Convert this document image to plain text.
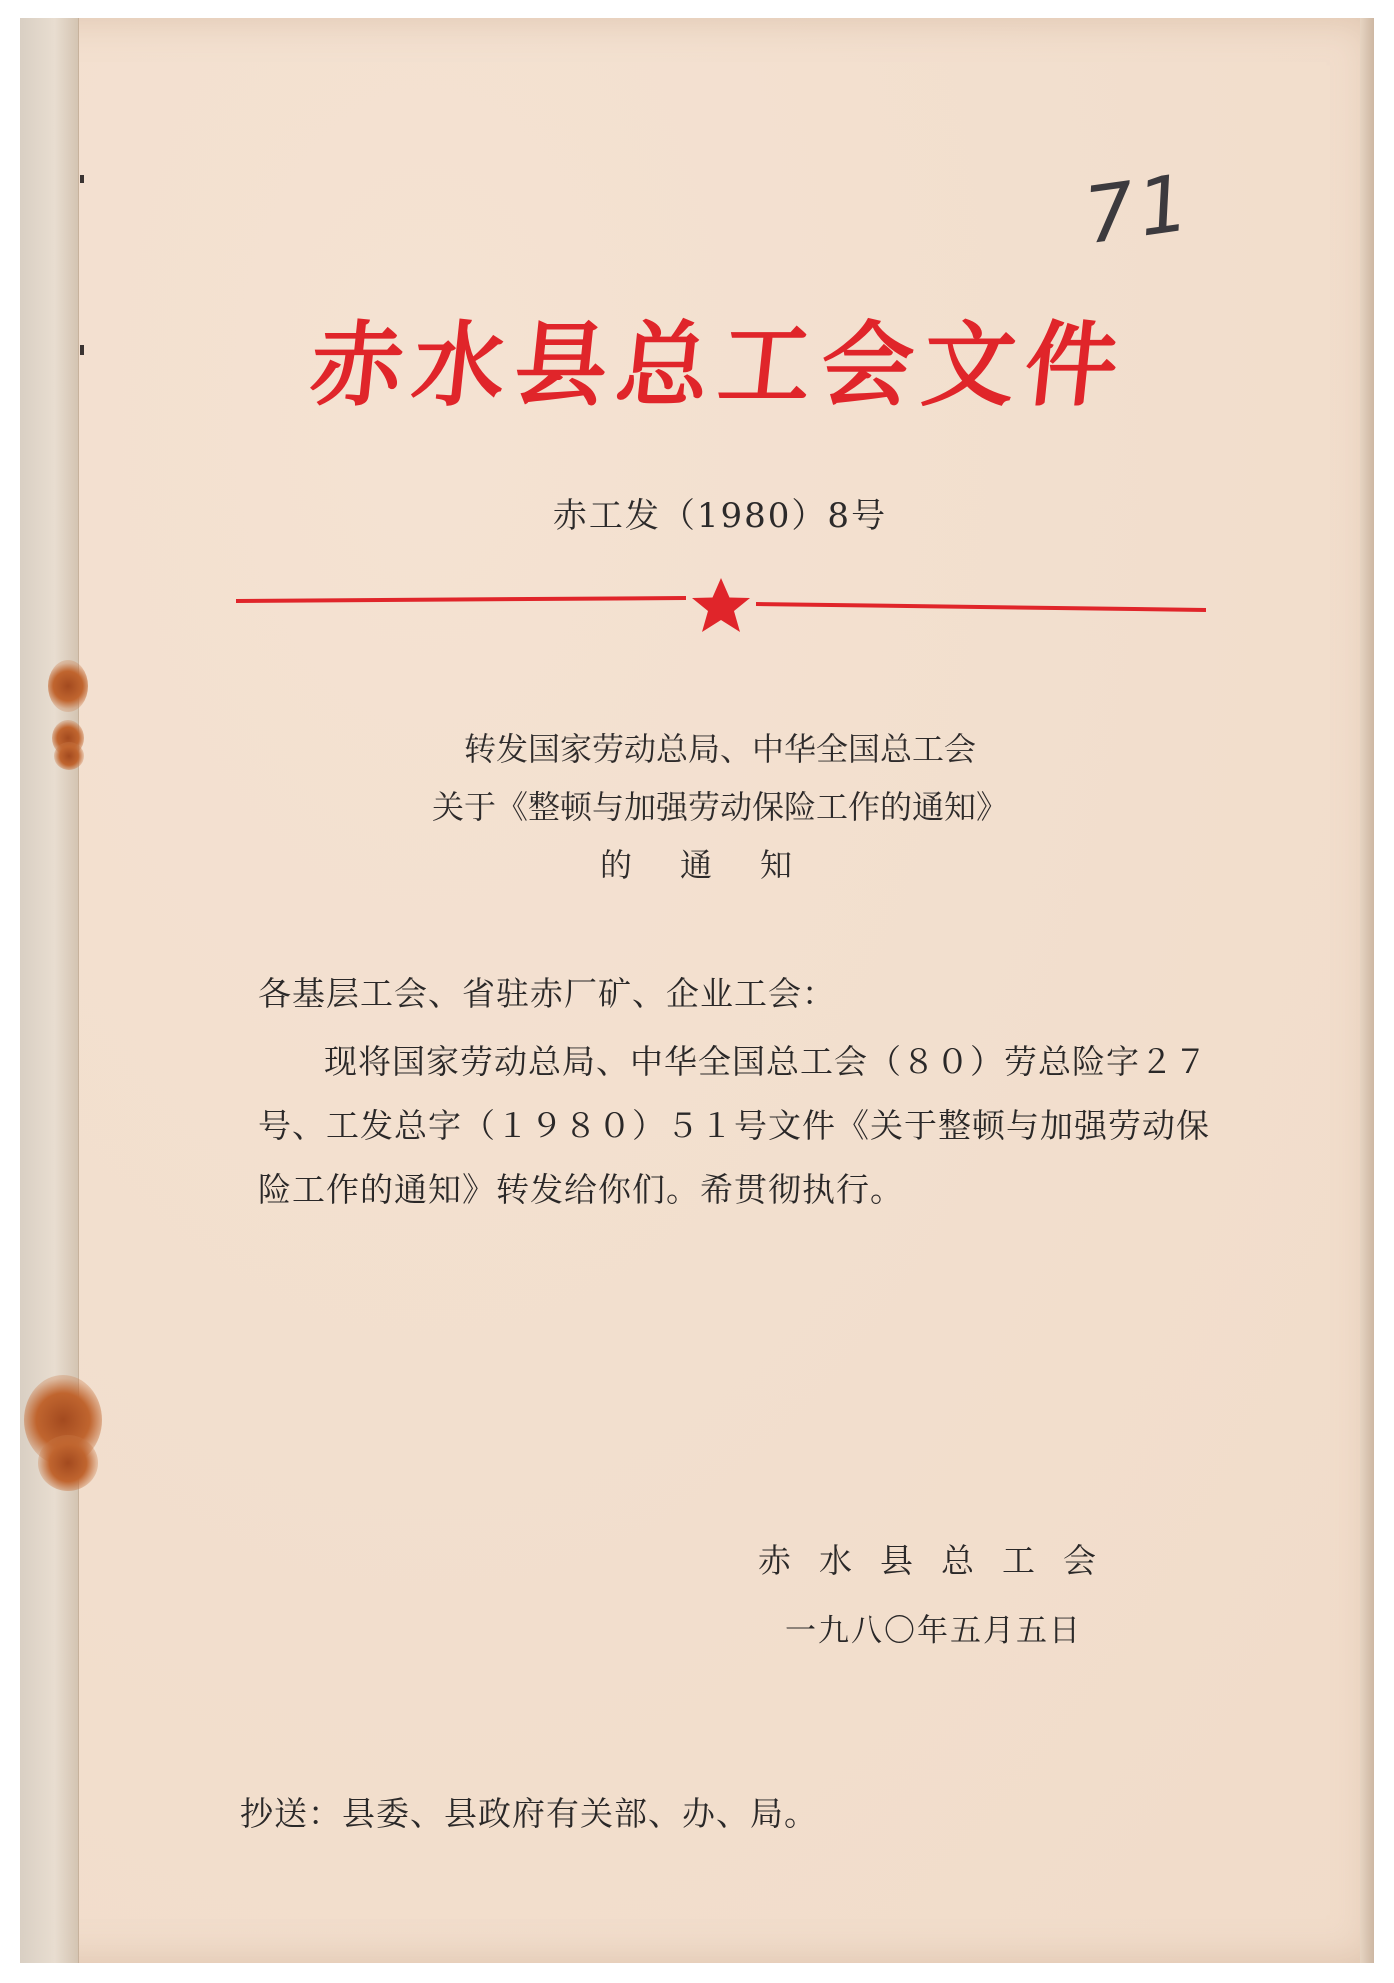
71
赤水县总工会文件
赤工发（1980）8号
转发国家劳动总局、中华全国总工会
关于《整顿与加强劳动保险工作的通知》
的通知
各基层工会、省驻赤厂矿、企业工会：
现将国家劳动总局、中华全国总工会（８０）劳总险字２７
号、工发总字（１９８０）５１号文件《关于整顿与加强劳动保
险工作的通知》转发给你们。希贯彻执行。
赤水县总工会
一九八〇年五月五日
抄送：县委、县政府有关部、办、局。
